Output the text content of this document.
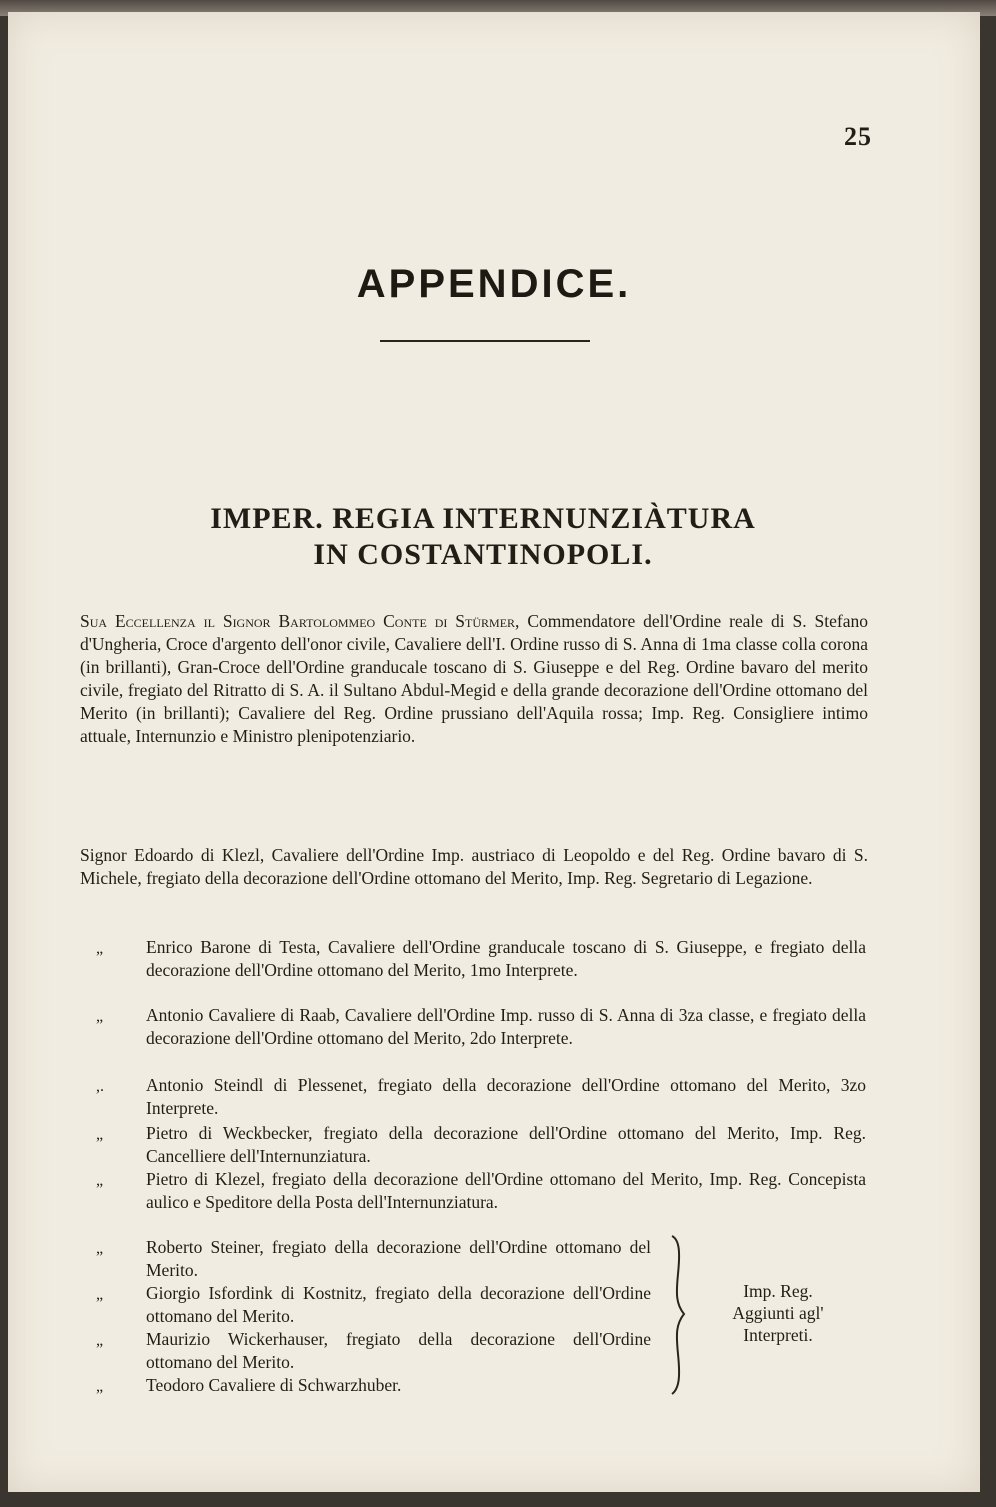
25
APPENDICE.
IMPER. REGIA INTERNUNZIÀTURA
IN COSTANTINOPOLI.
Sua Eccellenza il Signor Bartolommeo Conte di Stürmer, Commendatore dell'Ordine reale di S. Stefano d'Ungheria, Croce d'argento dell'onor civile, Cavaliere dell'I. Ordine russo di S. Anna di 1ma classe colla corona (in brillanti), Gran-Croce dell'Ordine granducale toscano di S. Giuseppe e del Reg. Ordine bavaro del merito civile, fregiato del Ritratto di S. A. il Sultano Abdul-Megid e della grande decorazione dell'Ordine ottomano del Merito (in brillanti); Cavaliere del Reg. Ordine prussiano dell'Aquila rossa; Imp. Reg. Consigliere intimo attuale, Internunzio e Ministro plenipotenziario.
Signor Edoardo di Klezl, Cavaliere dell'Ordine Imp. austriaco di Leopoldo e del Reg. Ordine bavaro di S. Michele, fregiato della decorazione dell'Ordine ottomano del Merito, Imp. Reg. Segretario di Legazione.
„ Enrico Barone di Testa, Cavaliere dell'Ordine granducale toscano di S. Giuseppe, e fregiato della decorazione dell'Ordine ottomano del Merito, 1mo Interprete.
„ Antonio Cavaliere di Raab, Cavaliere dell'Ordine Imp. russo di S. Anna di 3za classe, e fregiato della decorazione dell'Ordine ottomano del Merito, 2do Interprete.
,. Antonio Steindl di Plessenet, fregiato della decorazione dell'Ordine ottomano del Merito, 3zo Interprete.
„ Pietro di Weckbecker, fregiato della decorazione dell'Ordine ottomano del Merito, Imp. Reg. Cancelliere dell'Internunziatura.
„ Pietro di Klezel, fregiato della decorazione dell'Ordine ottomano del Merito, Imp. Reg. Concepista aulico e Speditore della Posta dell'Internunziatura.
„ Roberto Steiner, fregiato della decorazione dell'Ordine ottomano del Merito.
„ Giorgio Isfordink di Kostnitz, fregiato della decorazione dell'Ordine ottomano del Merito.
„ Maurizio Wickerhauser, fregiato della decorazione dell'Ordine ottomano del Merito.
„ Teodoro Cavaliere di Schwarzhuber.
Imp. Reg.
Aggiunti agl'
Interpreti.
